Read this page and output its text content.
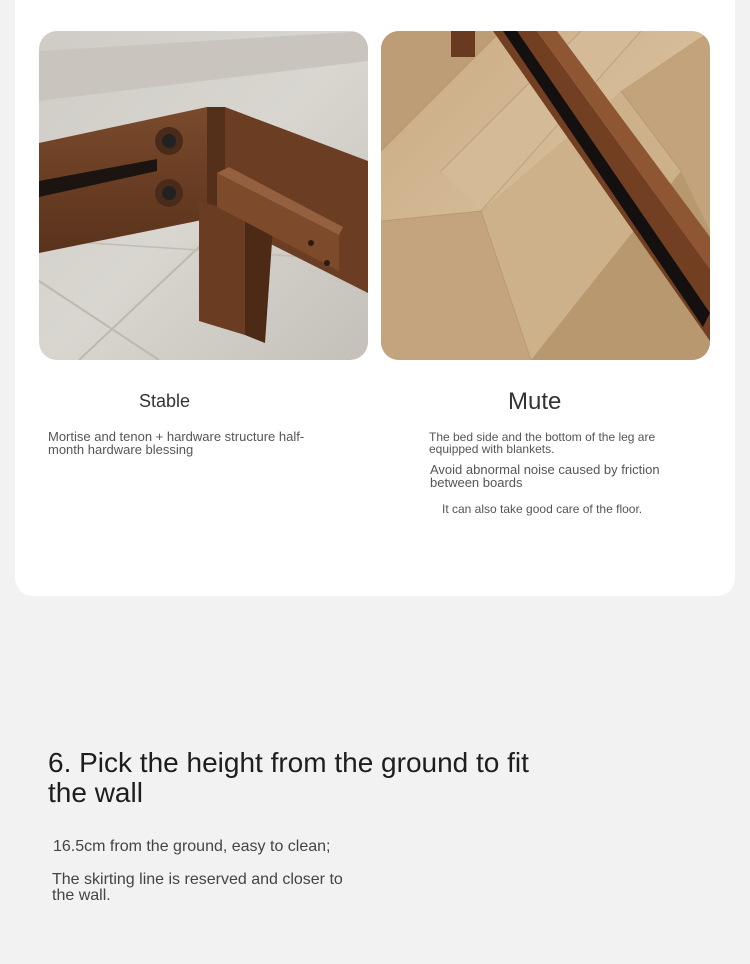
Stable

Mortise and tenon + hardware structure half-month hardware blessing

Mute

The bed side and the bottom of the leg are equipped with blankets.

Avoid abnormal noise caused by friction between boards

It can also take good care of the floor.

6. Pick the height from the ground to fit the wall

16.5cm from the ground, easy to clean;

The skirting line is reserved and closer to the wall.
